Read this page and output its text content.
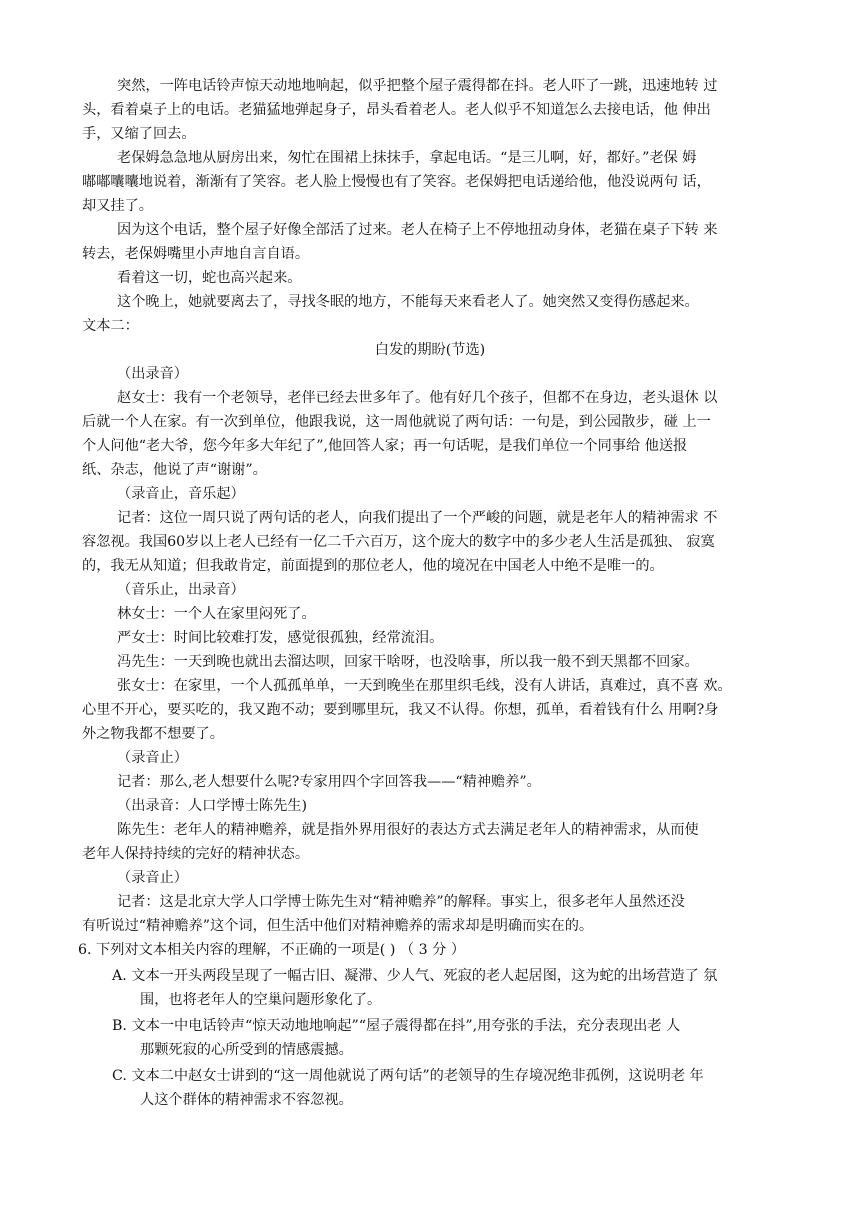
突然，一阵电话铃声惊天动地地响起，似乎把整个屋子震得都在抖。老人吓了一跳，迅速地转 过
头，看着桌子上的电话。老猫猛地弹起身子，昂头看着老人。老人似乎不知道怎么去接电话，他 伸出
手，又缩了回去。
老保姆急急地从厨房出来，匆忙在围裙上抹抹手，拿起电话。“是三儿啊，好，都好。”老保 姆
嘟嘟囔囔地说着，渐渐有了笑容。老人脸上慢慢也有了笑容。老保姆把电话递给他，他没说两句 话，
却又挂了。
因为这个电话，整个屋子好像全部活了过来。老人在椅子上不停地扭动身体，老猫在桌子下转 来
转去，老保姆嘴里小声地自言自语。
看着这一切，蛇也高兴起来。
这个晚上，她就要离去了，寻找冬眠的地方，不能每天来看老人了。她突然又变得伤感起来。
文本二：
白发的期盼(节选)
（出录音）
赵女士：我有一个老领导，老伴已经去世多年了。他有好几个孩子，但都不在身边，老头退休 以
后就一个人在家。有一次到单位，他跟我说，这一周他就说了两句话：一句是，到公园散步，碰 上一
个人问他“老大爷，您今年多大年纪了”,他回答人家；再一句话呢，是我们单位一个同事给 他送报
纸、杂志，他说了声“谢谢”。
（录音止，音乐起）
记者：这位一周只说了两句话的老人，向我们提出了一个严峻的问题，就是老年人的精神需求 不
容忽视。我国60岁以上老人已经有一亿二千六百万，这个庞大的数字中的多少老人生活是孤独、 寂寞
的，我无从知道；但我敢肯定，前面提到的那位老人，他的境况在中国老人中绝不是唯一的。
（音乐止，出录音）
林女士：一个人在家里闷死了。
严女士：时间比较难打发，感觉很孤独，经常流泪。
冯先生：一天到晚也就出去溜达呗，回家干啥呀，也没啥事，所以我一般不到天黑都不回家。
张女士：在家里，一个人孤孤单单，一天到晚坐在那里织毛线，没有人讲话，真难过，真不喜 欢。
心里不开心，要买吃的，我又跑不动；要到哪里玩，我又不认得。你想，孤单，看着钱有什么 用啊?身
外之物我都不想要了。
（录音止）
记者：那么,老人想要什么呢?专家用四个字回答我——“精神赡养”。
（出录音：人口学博士陈先生)
陈先生：老年人的精神赡养，就是指外界用很好的表达方式去满足老年人的精神需求，从而使
老年人保持持续的完好的精神状态。
（录音止）
记者：这是北京大学人口学博士陈先生对“精神赡养”的解释。事实上，很多老年人虽然还没
有听说过“精神赡养”这个词，但生活中他们对精神赡养的需求却是明确而实在的。
6. 下列对文本相关内容的理解，不正确的一项是( ) （ 3 分 ）
A. 文本一开头两段呈现了一幅古旧、凝滞、少人气、死寂的老人起居图，这为蛇的出场营造了 氛
围，也将老年人的空巢问题形象化了。
B. 文本一中电话铃声“惊天动地地响起”“屋子震得都在抖”,用夸张的手法，充分表现出老 人
那颗死寂的心所受到的情感震撼。
C. 文本二中赵女士讲到的“这一周他就说了两句话”的老领导的生存境况绝非孤例，这说明老 年
人这个群体的精神需求不容忽视。
